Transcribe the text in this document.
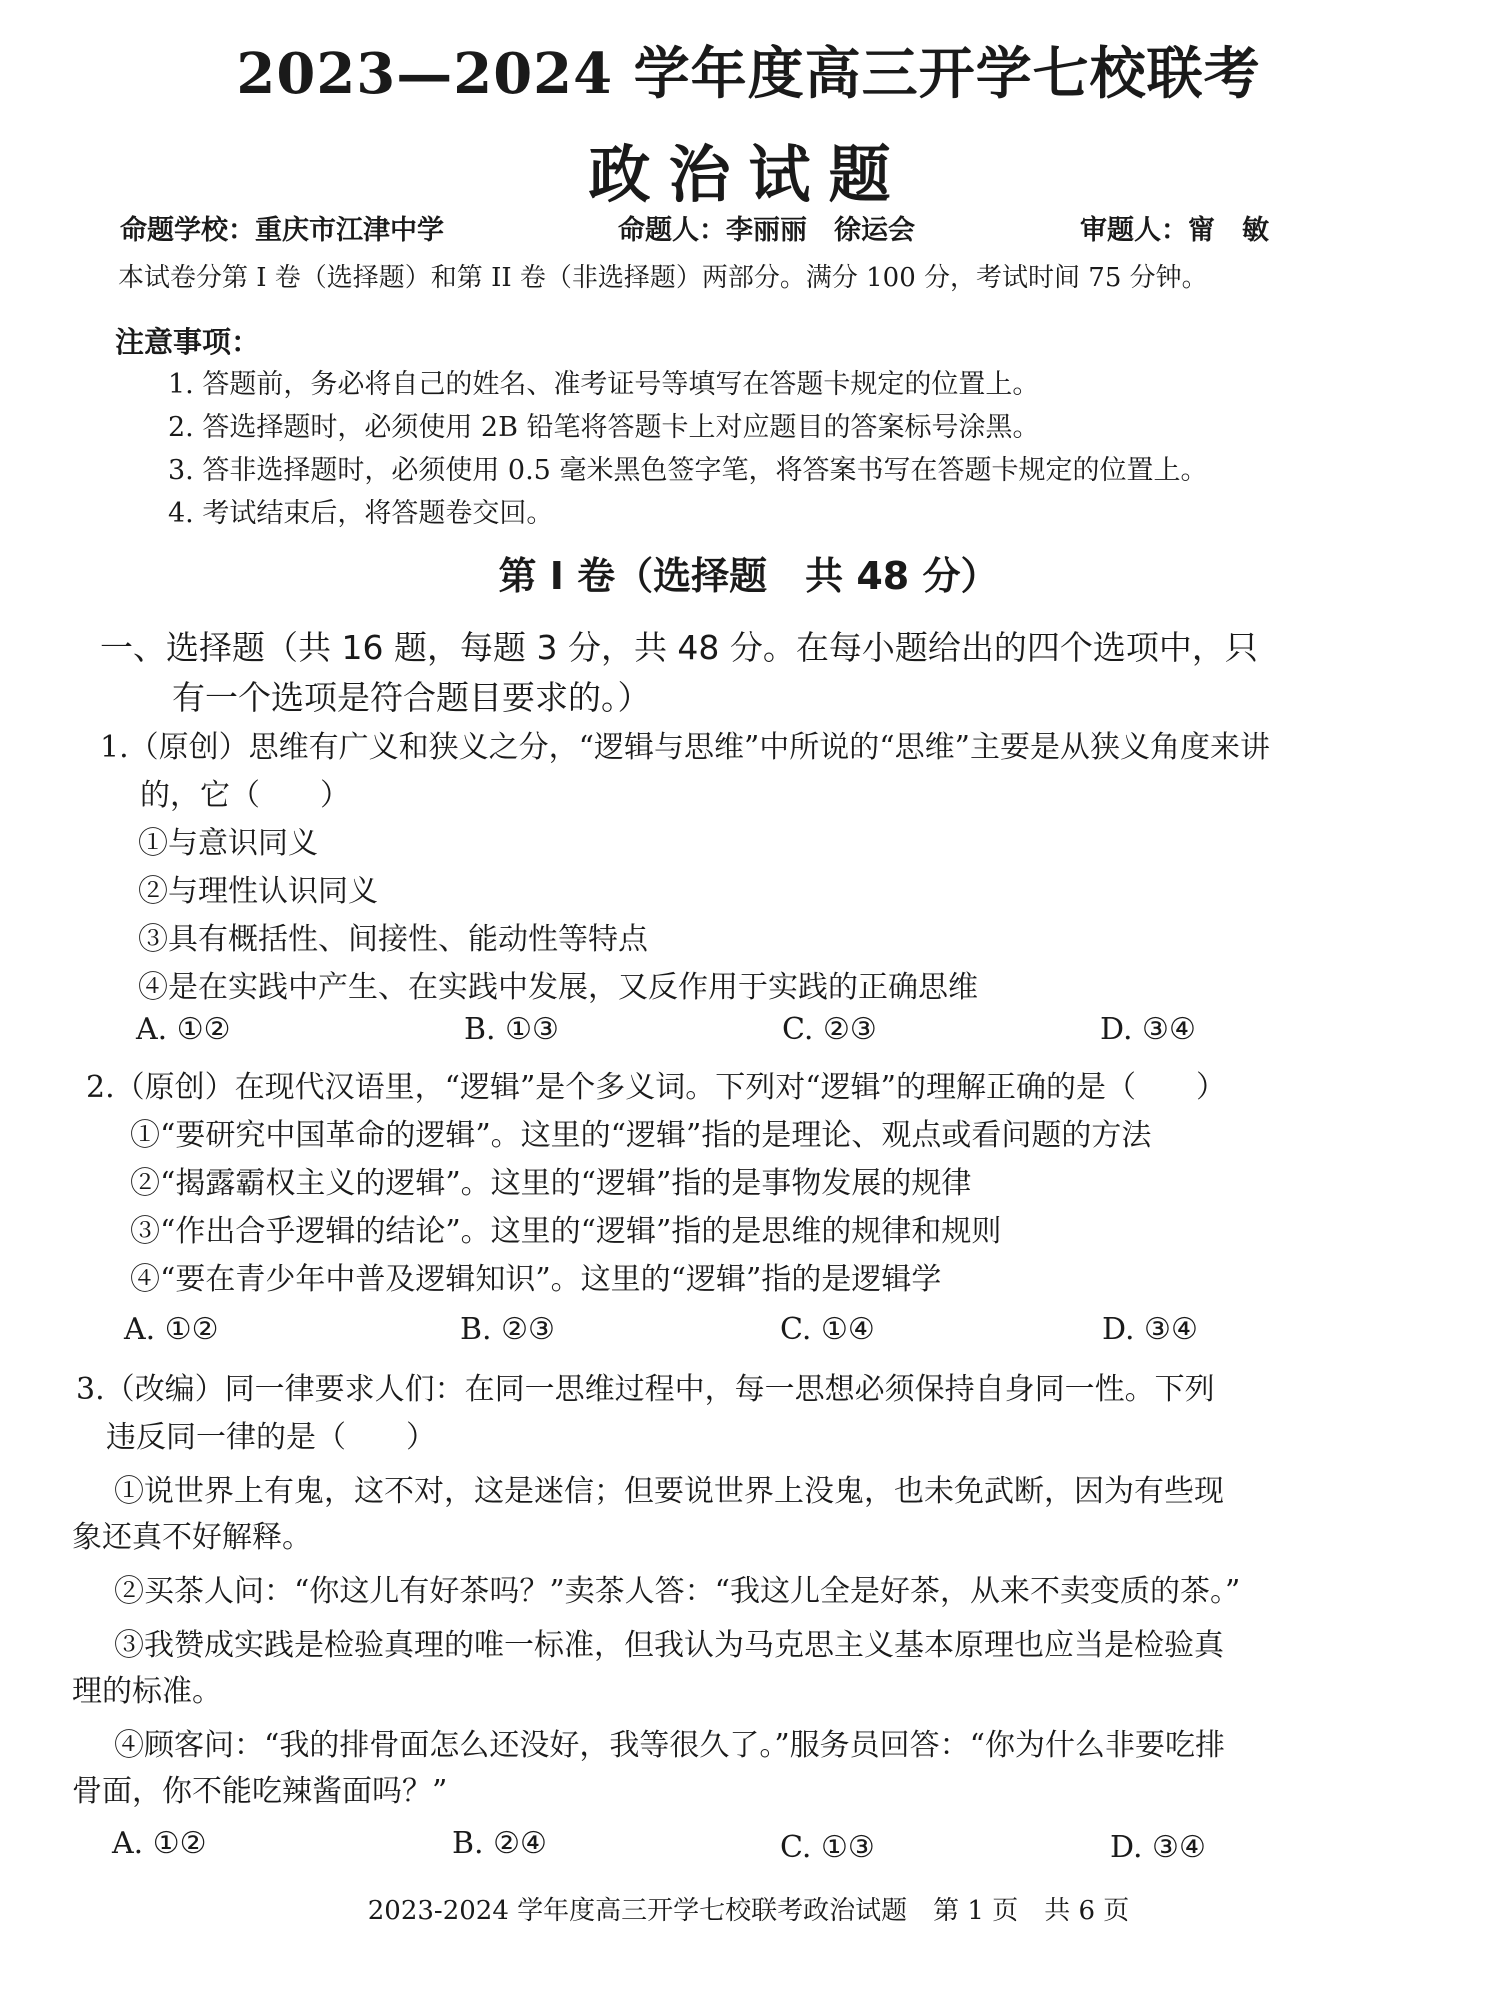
2023—2024 学年度高三开学七校联考
政治试题
命题学校：重庆市江津中学	命题人：李丽丽　徐运会	审题人：甯　敏
本试卷分第 I 卷（选择题）和第 II 卷（非选择题）两部分。满分 100 分，考试时间 75 分钟。
注意事项：
1. 答题前，务必将自己的姓名、准考证号等填写在答题卡规定的位置上。
2. 答选择题时，必须使用 2B 铅笔将答题卡上对应题目的答案标号涂黑。
3. 答非选择题时，必须使用 0.5 毫米黑色签字笔，将答案书写在答题卡规定的位置上。
4. 考试结束后，将答题卷交回。
第 I 卷（选择题　共 48 分）
一、选择题（共 16 题，每题 3 分，共 48 分。在每小题给出的四个选项中，只
有一个选项是符合题目要求的。）
1.（原创）思维有广义和狭义之分，“逻辑与思维”中所说的“思维”主要是从狭义角度来讲
的，它（　　）
①与意识同义
②与理性认识同义
③具有概括性、间接性、能动性等特点
④是在实践中产生、在实践中发展，又反作用于实践的正确思维
A. ①②	B. ①③	C. ②③	D. ③④
2.（原创）在现代汉语里，“逻辑”是个多义词。下列对“逻辑”的理解正确的是（　　）
①“要研究中国革命的逻辑”。这里的“逻辑”指的是理论、观点或看问题的方法
②“揭露霸权主义的逻辑”。这里的“逻辑”指的是事物发展的规律
③“作出合乎逻辑的结论”。这里的“逻辑”指的是思维的规律和规则
④“要在青少年中普及逻辑知识”。这里的“逻辑”指的是逻辑学
A. ①②	B. ②③	C. ①④	D. ③④
3.（改编）同一律要求人们：在同一思维过程中，每一思想必须保持自身同一性。下列
违反同一律的是（　　）
①说世界上有鬼，这不对，这是迷信；但要说世界上没鬼，也未免武断，因为有些现
象还真不好解释。
②买茶人问：“你这儿有好茶吗？”卖茶人答：“我这儿全是好茶，从来不卖变质的茶。”
③我赞成实践是检验真理的唯一标准，但我认为马克思主义基本原理也应当是检验真
理的标准。
④顾客问：“我的排骨面怎么还没好，我等很久了。”服务员回答：“你为什么非要吃排
骨面，你不能吃辣酱面吗？”
A. ①②	B. ②④	C. ①③	D. ③④
2023-2024 学年度高三开学七校联考政治试题　第 1 页　共 6 页
